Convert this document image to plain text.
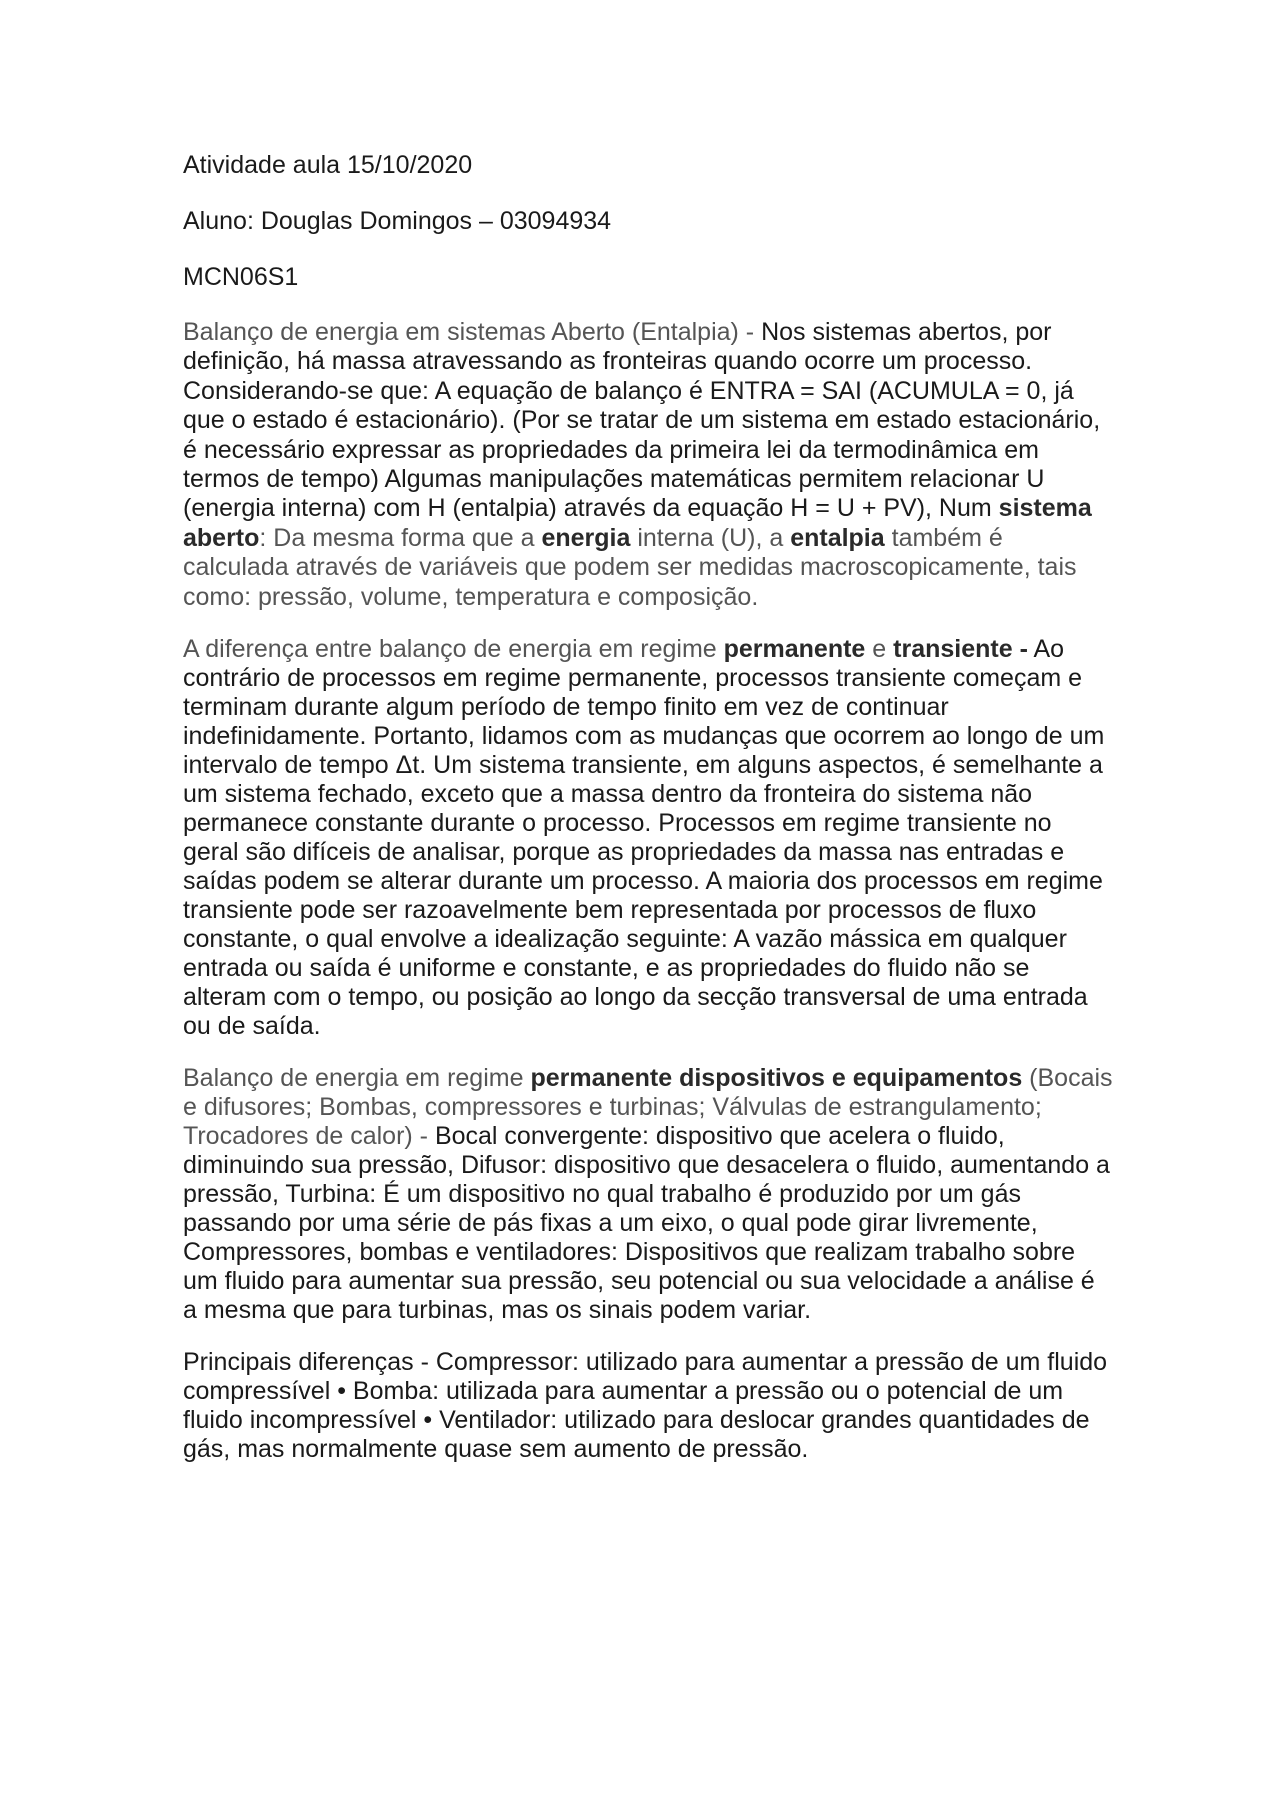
Atividade aula 15/10/2020

Aluno: Douglas Domingos – 03094934

MCN06S1

Balanço de energia em sistemas Aberto (Entalpia) - Nos sistemas abertos, por definição, há massa atravessando as fronteiras quando ocorre um processo. Considerando-se que: A equação de balanço é ENTRA = SAI (ACUMULA = 0, já que o estado é estacionário). (Por se tratar de um sistema em estado estacionário, é necessário expressar as propriedades da primeira lei da termodinâmica em termos de tempo) Algumas manipulações matemáticas permitem relacionar U (energia interna) com H (entalpia) através da equação H = U + PV), Num sistema aberto: Da mesma forma que a energia interna (U), a entalpia também é calculada através de variáveis que podem ser medidas macroscopicamente, tais como: pressão, volume, temperatura e composição.

A diferença entre balanço de energia em regime permanente e transiente - Ao contrário de processos em regime permanente, processos transiente começam e terminam durante algum período de tempo finito em vez de continuar indefinidamente. Portanto, lidamos com as mudanças que ocorrem ao longo de um intervalo de tempo Δt. Um sistema transiente, em alguns aspectos, é semelhante a um sistema fechado, exceto que a massa dentro da fronteira do sistema não permanece constante durante o processo. Processos em regime transiente no geral são difíceis de analisar, porque as propriedades da massa nas entradas e saídas podem se alterar durante um processo. A maioria dos processos em regime transiente pode ser razoavelmente bem representada por processos de fluxo constante, o qual envolve a idealização seguinte: A vazão mássica em qualquer entrada ou saída é uniforme e constante, e as propriedades do fluido não se alteram com o tempo, ou posição ao longo da secção transversal de uma entrada ou de saída.

Balanço de energia em regime permanente dispositivos e equipamentos (Bocais e difusores; Bombas, compressores e turbinas; Válvulas de estrangulamento; Trocadores de calor) - Bocal convergente: dispositivo que acelera o fluido, diminuindo sua pressão, Difusor: dispositivo que desacelera o fluido, aumentando a pressão, Turbina: É um dispositivo no qual trabalho é produzido por um gás passando por uma série de pás fixas a um eixo, o qual pode girar livremente, Compressores, bombas e ventiladores: Dispositivos que realizam trabalho sobre um fluido para aumentar sua pressão, seu potencial ou sua velocidade a análise é a mesma que para turbinas, mas os sinais podem variar.

Principais diferenças - Compressor: utilizado para aumentar a pressão de um fluido compressível • Bomba: utilizada para aumentar a pressão ou o potencial de um fluido incompressível • Ventilador: utilizado para deslocar grandes quantidades de gás, mas normalmente quase sem aumento de pressão.
